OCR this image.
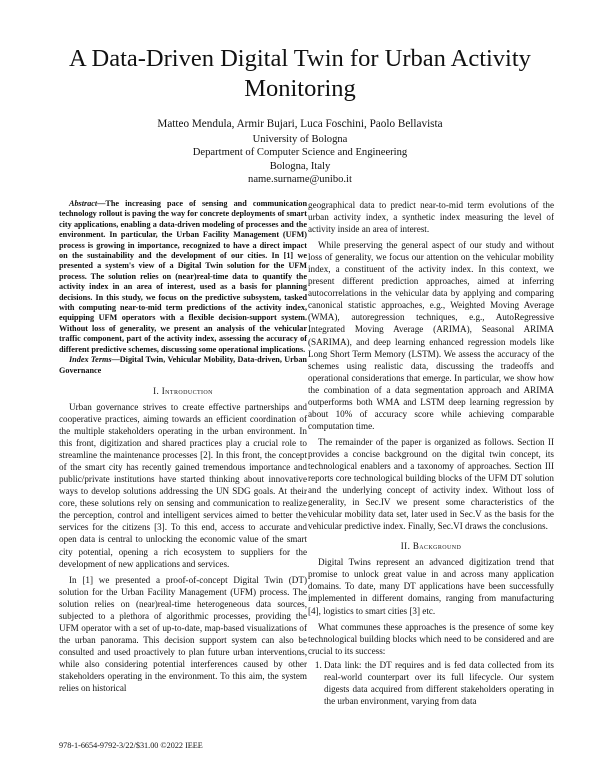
A Data-Driven Digital Twin for Urban Activity Monitoring
Matteo Mendula, Armir Bujari, Luca Foschini, Paolo Bellavista
University of Bologna
Department of Computer Science and Engineering
Bologna, Italy
name.surname@unibo.it

Abstract—The increasing pace of sensing and communication technology rollout is paving the way for concrete deployments of smart city applications, enabling a data-driven modeling of processes and the environment. In particular, the Urban Facility Management (UFM) process is growing in importance, recognized to have a direct impact on the sustainability and the development of our cities. In [1] we presented a system's view of a Digital Twin solution for the UFM process. The solution relies on (near)real-time data to quantify the activity index in an area of interest, used as a basis for planning decisions. In this study, we focus on the predictive subsystem, tasked with computing near-to-mid term predictions of the activity index, equipping UFM operators with a flexible decision-support system. Without loss of generality, we present an analysis of the vehicular traffic component, part of the activity index, assessing the accuracy of different predictive schemes, discussing some operational implications.

Index Terms—Digital Twin, Vehicular Mobility, Data-driven, Urban Governance

I. Introduction

Urban governance strives to create effective partnerships and cooperative practices, aiming towards an efficient coordination of the multiple stakeholders operating in the urban environment. In this front, digitization and shared practices play a crucial role to streamline the maintenance processes [2]. In this front, the concept of the smart city has recently gained tremendous importance and public/private institutions have started thinking about innovative ways to develop solutions addressing the UN SDG goals. At their core, these solutions rely on sensing and communication to realize the perception, control and intelligent services aimed to better the services for the citizens [3]. To this end, access to accurate and open data is central to unlocking the economic value of the smart city potential, opening a rich ecosystem to suppliers for the development of new applications and services.

In [1] we presented a proof-of-concept Digital Twin (DT) solution for the Urban Facility Management (UFM) process. The solution relies on (near)real-time heterogeneous data sources, subjected to a plethora of algorithmic processes, providing the UFM operator with a set of up-to-date, map-based visualizations of the urban panorama. This decision support system can also be consulted and used proactively to plan future urban interventions, while also considering potential interferences caused by other stakeholders operating in the environment. To this aim, the system relies on historical

geographical data to predict near-to-mid term evolutions of the urban activity index, a synthetic index measuring the level of activity inside an area of interest.

While preserving the general aspect of our study and without loss of generality, we focus our attention on the vehicular mobility index, a constituent of the activity index. In this context, we present different prediction approaches, aimed at inferring autocorrelations in the vehicular data by applying and comparing canonical statistic approaches, e.g., Weighted Moving Average (WMA), autoregression techniques, e.g., AutoRegressive Integrated Moving Average (ARIMA), Seasonal ARIMA (SARIMA), and deep learning enhanced regression models like Long Short Term Memory (LSTM). We assess the accuracy of the schemes using realistic data, discussing the tradeoffs and operational considerations that emerge. In particular, we show how the combination of a data segmentation approach and ARIMA outperforms both WMA and LSTM deep learning regression by about 10% of accuracy score while achieving comparable computation time.

The remainder of the paper is organized as follows. Section II provides a concise background on the digital twin concept, its technological enablers and a taxonomy of approaches. Section III reports core technological building blocks of the UFM DT solution and the underlying concept of activity index. Without loss of generality, in Sec.IV we present some characteristics of the vehicular mobility data set, later used in Sec.V as the basis for the vehicular predictive index. Finally, Sec.VI draws the conclusions.

II. Background

Digital Twins represent an advanced digitization trend that promise to unlock great value in and across many application domains. To date, many DT applications have been successfully implemented in different domains, ranging from manufacturing [4], logistics to smart cities [3] etc.

What communes these approaches is the presence of some key technological building blocks which need to be considered and are crucial to its success:

1. Data link: the DT requires and is fed data collected from its real-world counterpart over its full lifecycle. Our system digests data acquired from different stakeholders operating in the urban environment, varying from data
978-1-6654-9792-3/22/$31.00 ©2022 IEEE
